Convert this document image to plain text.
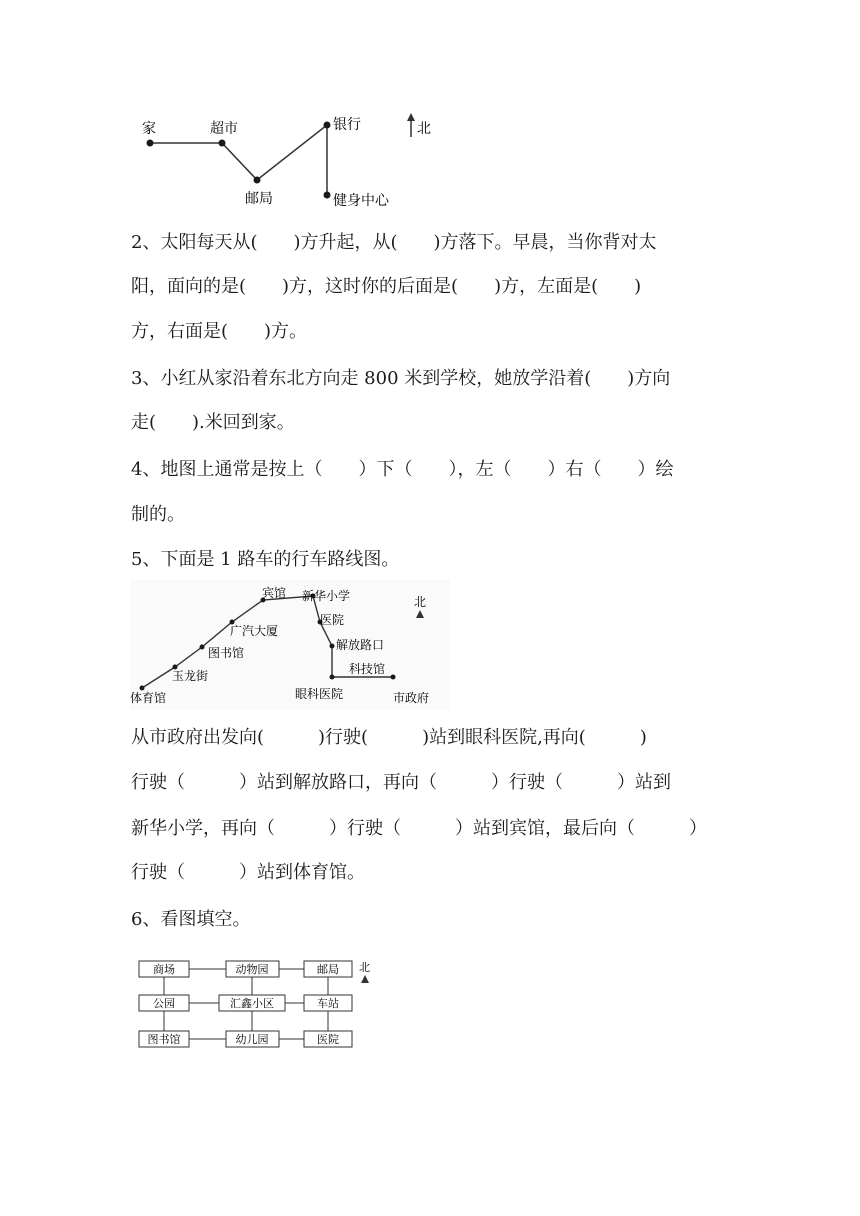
家	超市
邮局
银行
健身中心
北
2、太阳每天从(　　)方升起，从(　　)方落下。早晨，当你背对太
阳，面向的是(　　)方，这时你的后面是(　　)方，左面是(　　)
方，右面是(　　)方。
3、小红从家沿着东北方向走 800 米到学校，她放学沿着(　　)方向
走(　　).米回到家。
4、地图上通常是按上（　　）下（　　），左（　　）右（　　）绘
制的。
5、下面是 1 路车的行车路线图。
体育馆
玉龙街
图书馆
广汽大厦
宾馆 新华小学
医院
解放路口
科技馆
眼科医院	市政府
北
从市政府出发向(　　　)行驶(　　　)站到眼科医院,再向(　　　)
行驶（　　　）站到解放路口，再向（　　　）行驶（　　　）站到
新华小学，再向（　　　）行驶（　　　）站到宾馆，最后向（　　　）
行驶（　　　）站到体育馆。
6、看图填空。
商场	动物园	邮局
公园	汇鑫小区	车站
图书馆	幼儿园	医院
北
